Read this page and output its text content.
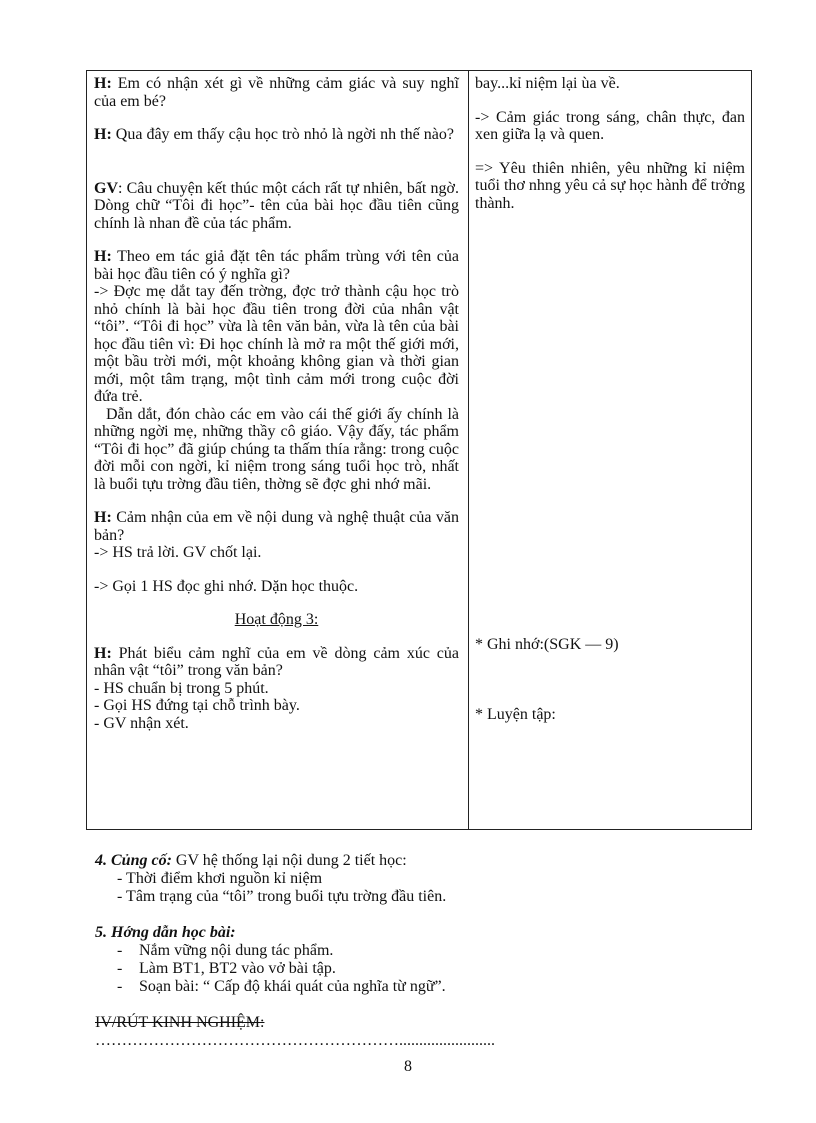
H: Em có nhận xét gì về những cảm giác và suy nghĩ của em bé?

H: Qua đây em thấy cậu học trò nhỏ là ngời nh thế nào?

GV: Câu chuyện kết thúc một cách rất tự nhiên, bất ngờ. Dòng chữ “Tôi đi học”- tên của bài học đầu tiên cũng chính là nhan đề của tác phẩm.

H: Theo em tác giả đặt tên tác phẩm trùng với tên của bài học đầu tiên có ý nghĩa gì?

-> Đợc mẹ dắt tay đến trờng, đợc trở thành cậu học trò nhỏ chính là bài học đầu tiên trong đời của nhân vật “tôi”. “Tôi đi học” vừa là tên văn bản, vừa là tên của bài học đầu tiên vì: Đi học chính là mở ra một thế giới mới, một bầu trời mới, một khoảng không gian và thời gian mới, một tâm trạng, một tình cảm mới trong cuộc đời đứa trẻ.

Dẫn dắt, đón chào các em vào cái thế giới ấy chính là những ngời mẹ, những thầy cô giáo. Vậy đấy, tác phẩm “Tôi đi học” đã giúp chúng ta thấm thía rằng: trong cuộc đời mỗi con ngời, kỉ niệm trong sáng tuổi học trò, nhất là buổi tựu trờng đầu tiên, thờng sẽ đợc ghi nhớ mãi.

H: Cảm nhận của em về nội dung và nghệ thuật của văn bản?

-> HS trả lời. GV chốt lại.

-> Gọi 1 HS đọc ghi nhớ. Dặn học thuộc.

Hoạt động 3:

H: Phát biểu cảm nghĩ của em về dòng cảm xúc của nhân vật “tôi” trong văn bản?

- HS chuẩn bị trong 5 phút.

- Gọi HS đứng tại chỗ trình bày.

- GV nhận xét.

bay...kỉ niệm lại ùa về.

-> Cảm giác trong sáng, chân thực, đan xen giữa lạ và quen.

=> Yêu thiên nhiên, yêu những kỉ niệm tuổi thơ nhng yêu cả sự học hành để trởng thành.

* Ghi nhớ:(SGK — 9)

* Luyện tập:

4. Củng cố: GV hệ thống lại nội dung 2 tiết học:

- Thời điểm khơi nguồn kỉ niệm

- Tâm trạng của “tôi” trong buổi tựu trờng đầu tiên.

5. Hớng dẫn học bài:

- Nắm vững nội dung tác phẩm.

- Làm BT1, BT2 vào vở bài tập.

- Soạn bài: “ Cấp độ khái quát của nghĩa từ ngữ”.

IV/RÚT KINH NGHIỆM:

…………………………………………………........................

8
